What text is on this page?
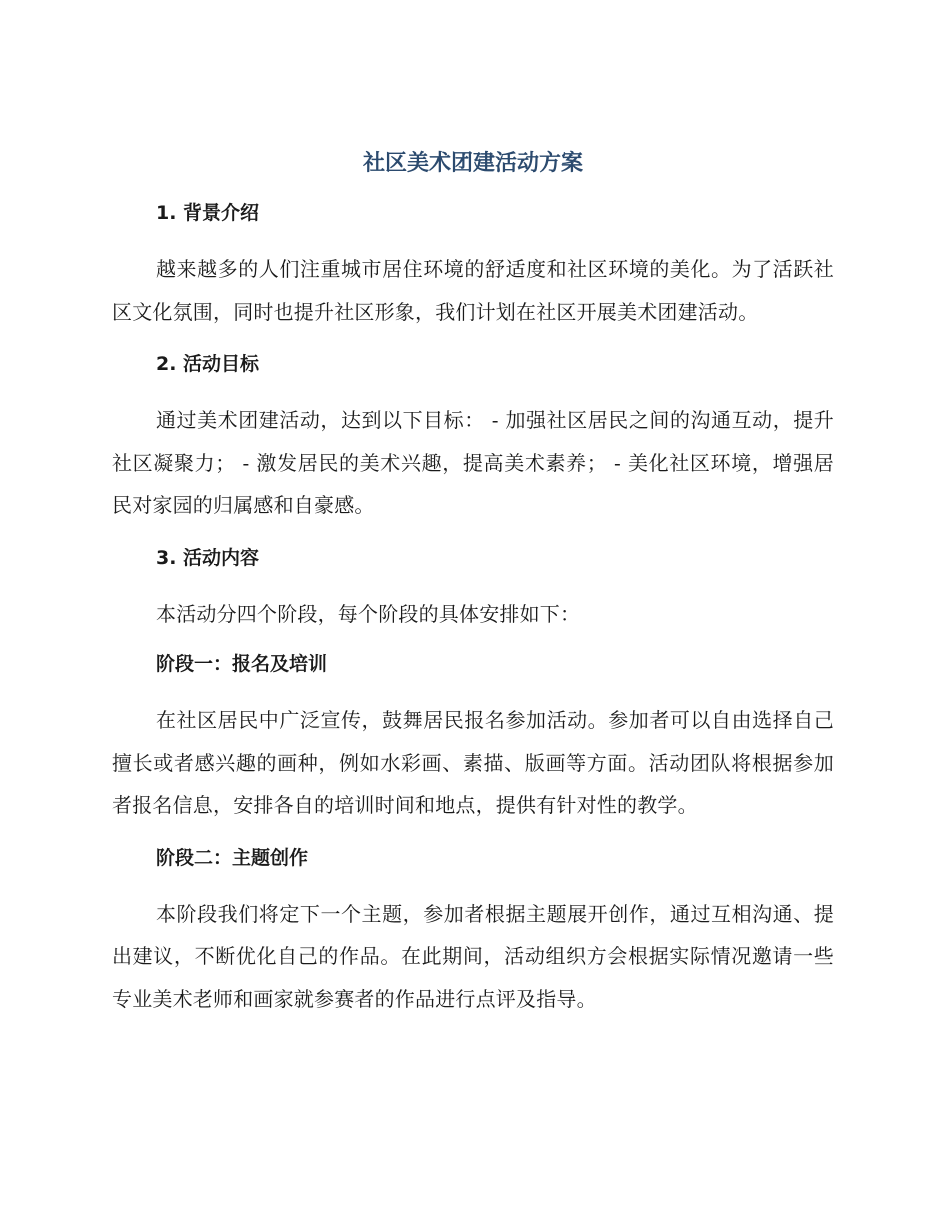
社区美术团建活动方案
1. 背景介绍

越来越多的人们注重城市居住环境的舒适度和社区环境的美化。为了活跃社区文化氛围，同时也提升社区形象，我们计划在社区开展美术团建活动。

2. 活动目标

通过美术团建活动，达到以下目标： - 加强社区居民之间的沟通互动，提升社区凝聚力； - 激发居民的美术兴趣，提高美术素养； - 美化社区环境，增强居民对家园的归属感和自豪感。

3. 活动内容

本活动分四个阶段，每个阶段的具体安排如下：

阶段一：报名及培训

在社区居民中广泛宣传，鼓舞居民报名参加活动。参加者可以自由选择自己擅长或者感兴趣的画种，例如水彩画、素描、版画等方面。活动团队将根据参加者报名信息，安排各自的培训时间和地点，提供有针对性的教学。

阶段二：主题创作

本阶段我们将定下一个主题，参加者根据主题展开创作，通过互相沟通、提出建议，不断优化自己的作品。在此期间，活动组织方会根据实际情况邀请一些专业美术老师和画家就参赛者的作品进行点评及指导。
